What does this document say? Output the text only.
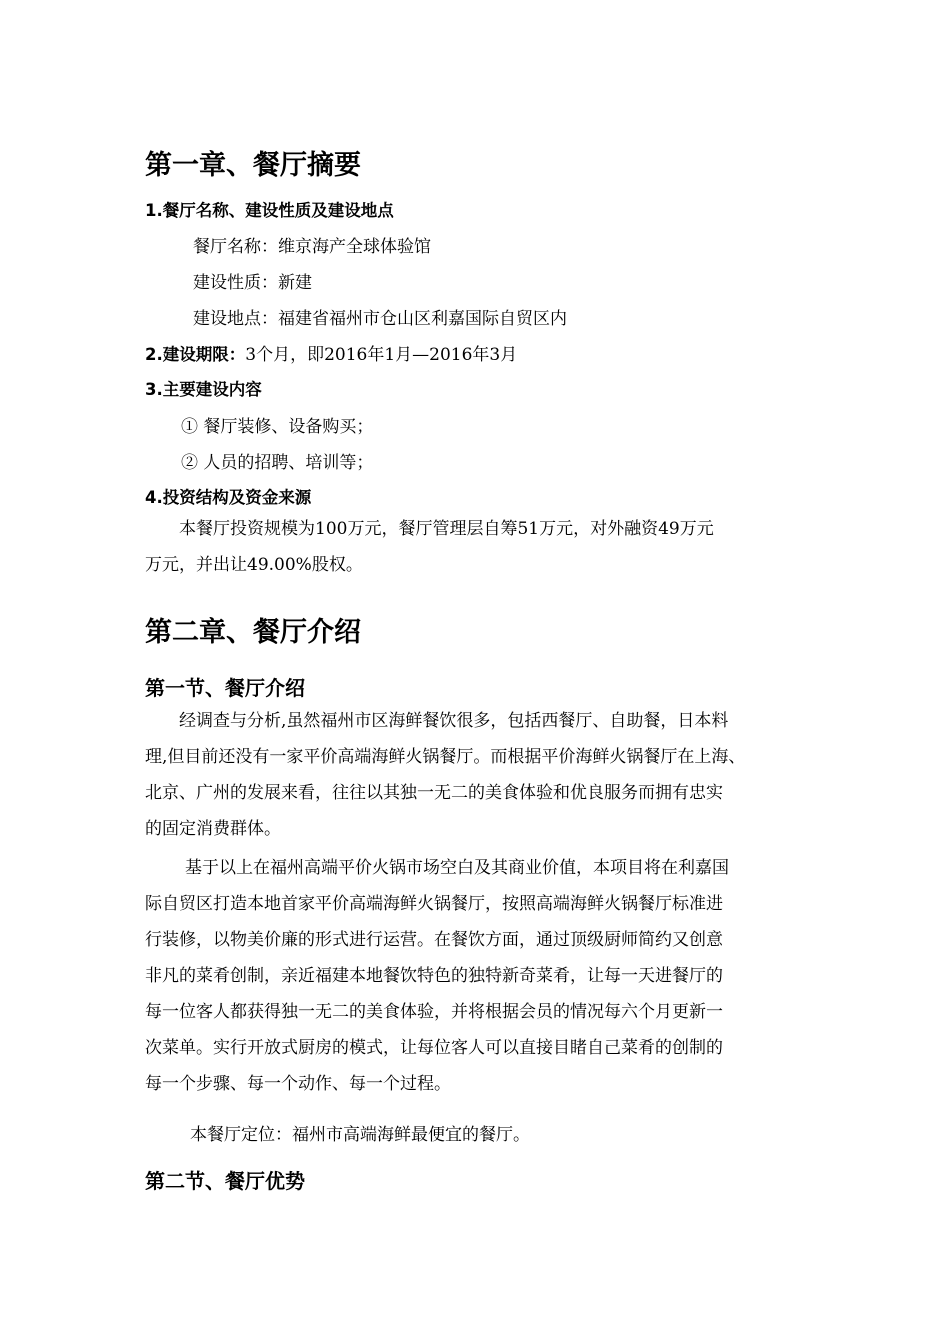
第一章、餐厅摘要
1.餐厅名称、建设性质及建设地点
餐厅名称：维京海产全球体验馆
建设性质：新建
建设地点：福建省福州市仓山区利嘉国际自贸区内
2.建设期限：3个月，即2016年1月—2016年3月
3.主要建设内容
① 餐厅装修、设备购买；
② 人员的招聘、培训等；
4.投资结构及资金来源
本餐厅投资规模为100万元，餐厅管理层自筹51万元，对外融资49万元
万元，并出让49.00%股权。
第二章、餐厅介绍
第一节、餐厅介绍
经调查与分析,虽然福州市区海鲜餐饮很多，包括西餐厅、自助餐，日本料
理,但目前还没有一家平价高端海鲜火锅餐厅。而根据平价海鲜火锅餐厅在上海、
北京、广州的发展来看，往往以其独一无二的美食体验和优良服务而拥有忠实
的固定消费群体。
基于以上在福州高端平价火锅市场空白及其商业价值，本项目将在利嘉国
际自贸区打造本地首家平价高端海鲜火锅餐厅，按照高端海鲜火锅餐厅标准进
行装修，以物美价廉的形式进行运营。在餐饮方面，通过顶级厨师简约又创意
非凡的菜肴创制，亲近福建本地餐饮特色的独特新奇菜肴，让每一天进餐厅的
每一位客人都获得独一无二的美食体验，并将根据会员的情况每六个月更新一
次菜单。实行开放式厨房的模式，让每位客人可以直接目睹自己菜肴的创制的
每一个步骤、每一个动作、每一个过程。
本餐厅定位：福州市高端海鲜最便宜的餐厅。
第二节、餐厅优势
